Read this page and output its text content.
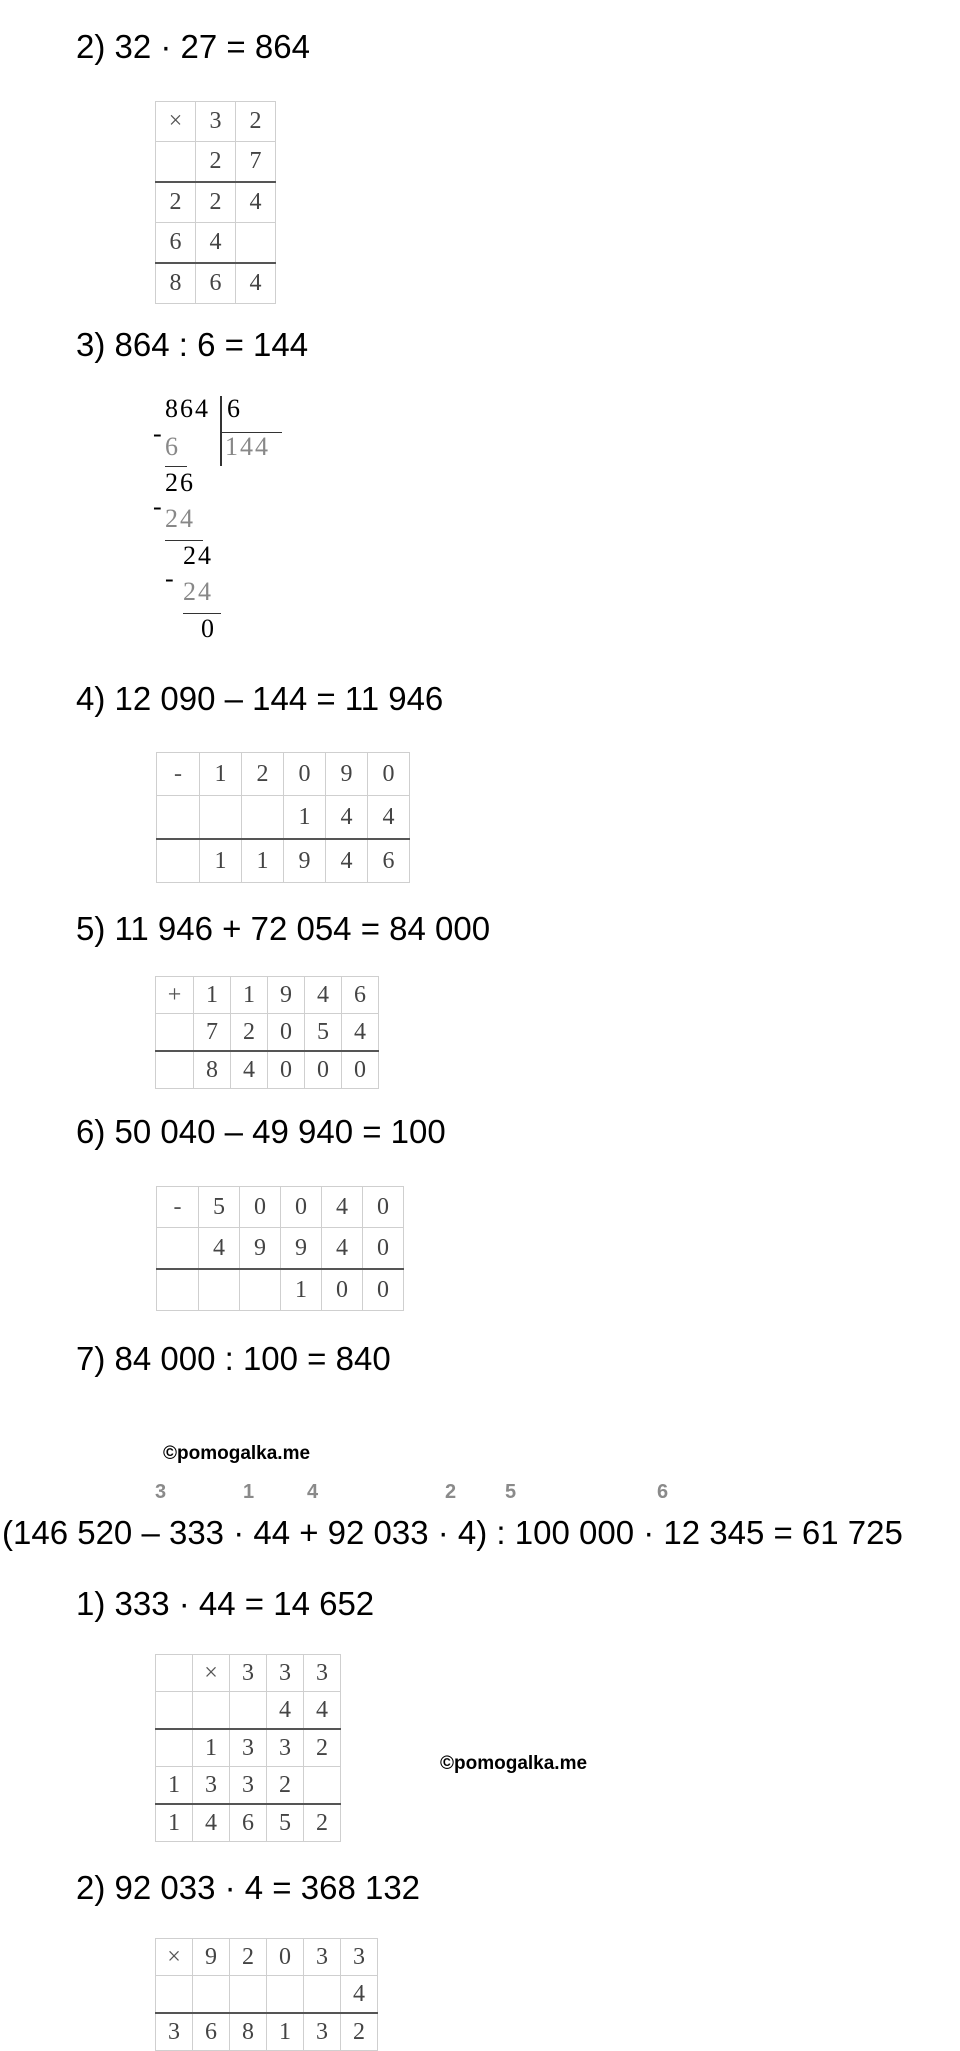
2) 32 · 27 = 864
×	3	2
	2	7
2	2	4
6	4	
8	6	4
3) 864 : 6 = 144
864 6
144
- 6
26
- 24
24
- 24
0
4) 12 090 – 144 = 11 946
-	1	2	0	9	0
			1	4	4
	1	1	9	4	6
5) 11 946 + 72 054 = 84 000
+	1	1	9	4	6
	7	2	0	5	4
	8	4	0	0	0
6) 50 040 – 49 940 = 100
-	5	0	0	4	0
	4	9	9	4	0
			1	0	0
7) 84 000 : 100 = 840
©pomogalka.me
3	1	4	2 5	6
(146 520 – 333 · 44 + 92 033 · 4) : 100 000 · 12 345 = 61 725
1) 333 · 44 = 14 652
	×	3	3	3
			4	4
	1	3	3	2
1	3	3	2	
1	4	6	5	2
©pomogalka.me
2) 92 033 · 4 = 368 132
×	9	2	0	3	3
					4
3	6	8	1	3	2
